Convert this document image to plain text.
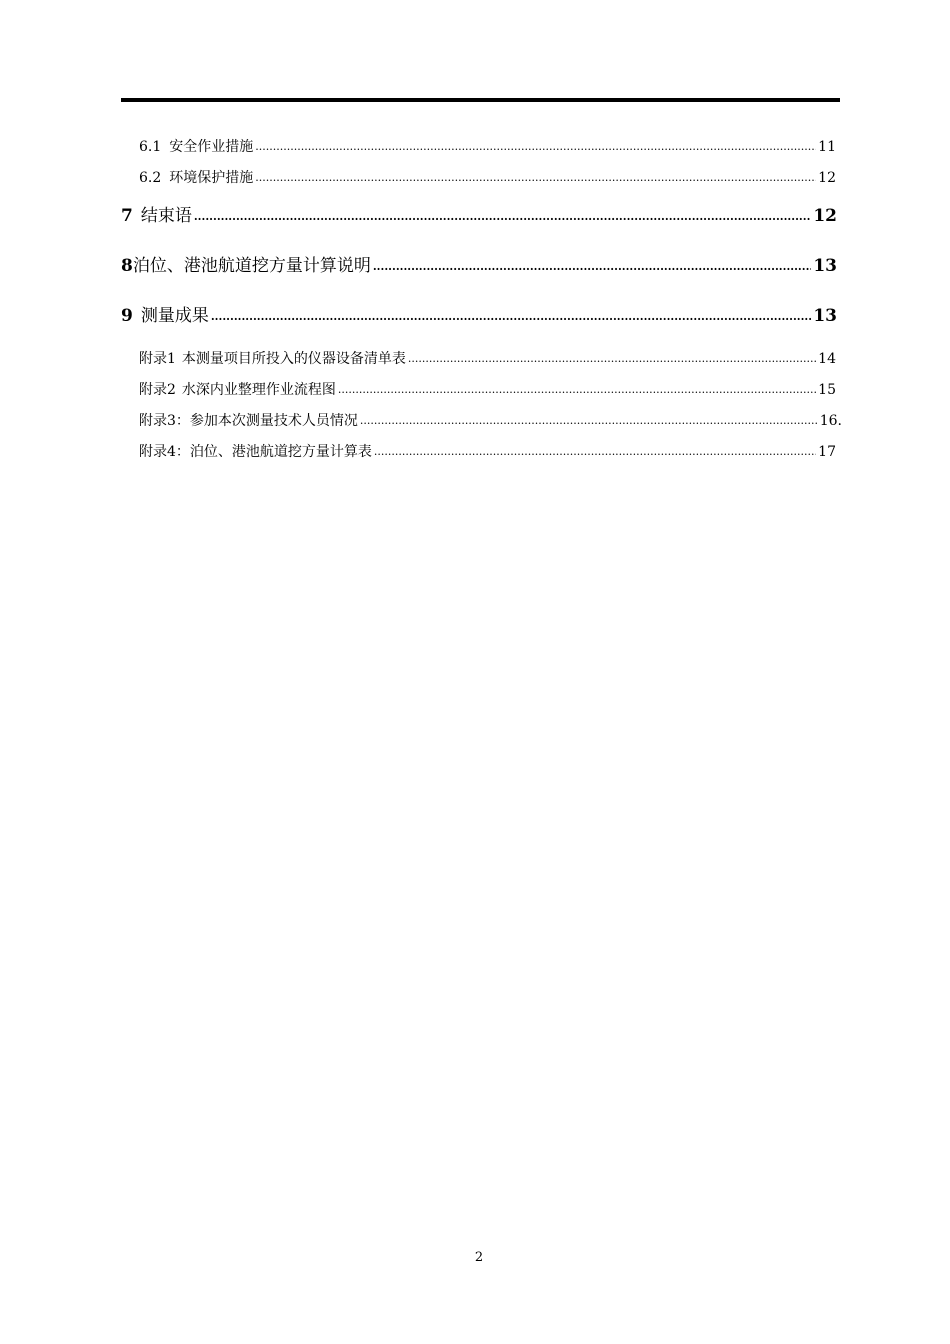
6.1 安全作业措施 .....	11
6.2 环境保护措施 .....	12
7 结束语 .....	12
8 泊位、港池航道挖方量计算说明 .....	13
9 测量成果 .....	13
附录1 本测量项目所投入的仪器设备清单表 .....	14
附录2 水深内业整理作业流程图 .....	15
附录3： 参加本次测量技术人员情况 .....	16.
附录4： 泊位、港池航道挖方量计算表 .....	17
2
